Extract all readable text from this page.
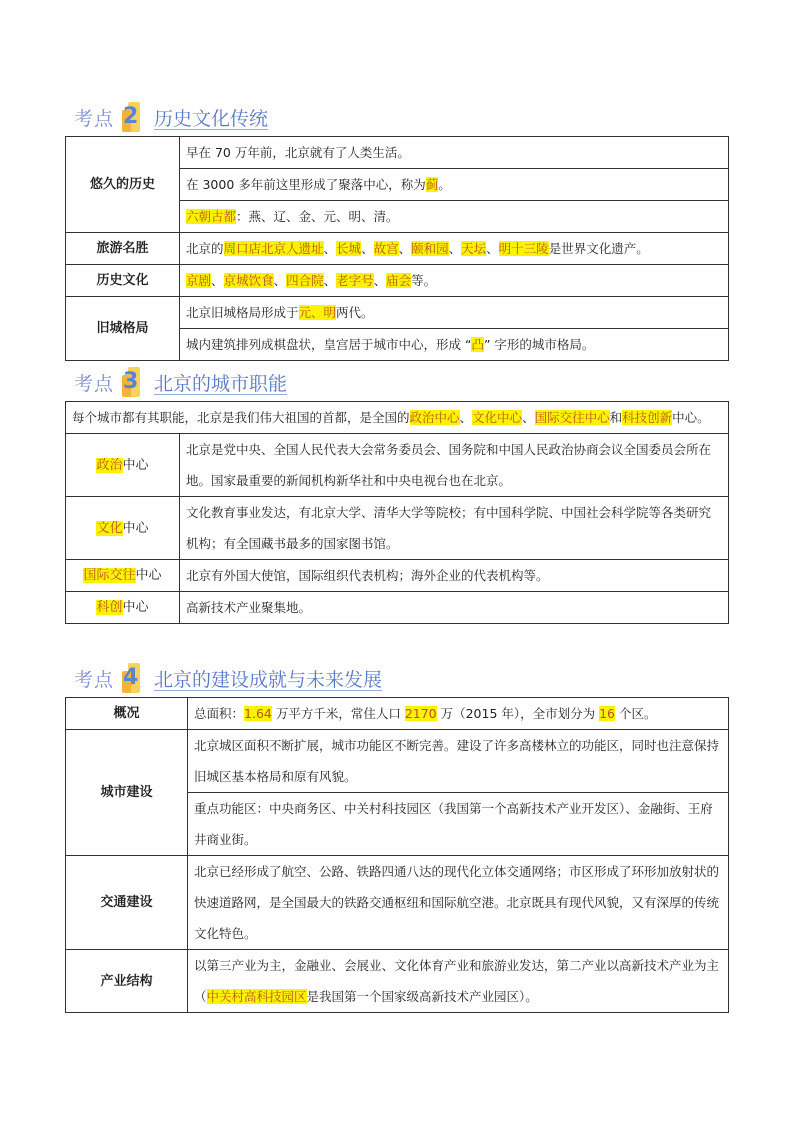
考点 2 历史文化传统
悠久的历史	早在 70 万年前，北京就有了人类生活。
	在 3000 多年前这里形成了聚落中心，称为蓟。
	六朝古都：燕、辽、金、元、明、清。
旅游名胜	北京的周口店北京人遗址、长城、故宫、颐和园、天坛、明十三陵是世界文化遗产。
历史文化	京剧、京城饮食、四合院、老字号、庙会等。
旧城格局	北京旧城格局形成于元、明两代。
	城内建筑排列成棋盘状，皇宫居于城市中心，形成 “凸” 字形的城市格局。
考点 3 北京的城市职能
每个城市都有其职能，北京是我们伟大祖国的首都，是全国的政治中心、文化中心、国际交往中心和科技创新中心。	
政治中心	北京是党中央、全国人民代表大会常务委员会、国务院和中国人民政治协商会议全国委员会所在地。国家最重要的新闻机构新华社和中央电视台也在北京。
文化中心	文化教育事业发达，有北京大学、清华大学等院校；有中国科学院、中国社会科学院等各类研究机构；有全国藏书最多的国家图书馆。
国际交往中心	北京有外国大使馆，国际组织代表机构；海外企业的代表机构等。
科创中心	高新技术产业聚集地。
考点 4 北京的建设成就与未来发展
概况	总面积：1.64 万平方千米，常住人口 2170 万（2015 年），全市划分为 16 个区。
城市建设	北京城区面积不断扩展，城市功能区不断完善。建设了许多高楼林立的功能区，同时也注意保持旧城区基本格局和原有风貌。
	重点功能区：中央商务区、中关村科技园区（我国第一个高新技术产业开发区）、金融街、王府井商业街。
交通建设	北京已经形成了航空、公路、铁路四通八达的现代化立体交通网络；市区形成了环形加放射状的快速道路网，是全国最大的铁路交通枢纽和国际航空港。北京既具有现代风貌，又有深厚的传统文化特色。
产业结构	以第三产业为主，金融业、会展业、文化体育产业和旅游业发达，第二产业以高新技术产业为主（中关村高科技园区是我国第一个国家级高新技术产业园区）。
